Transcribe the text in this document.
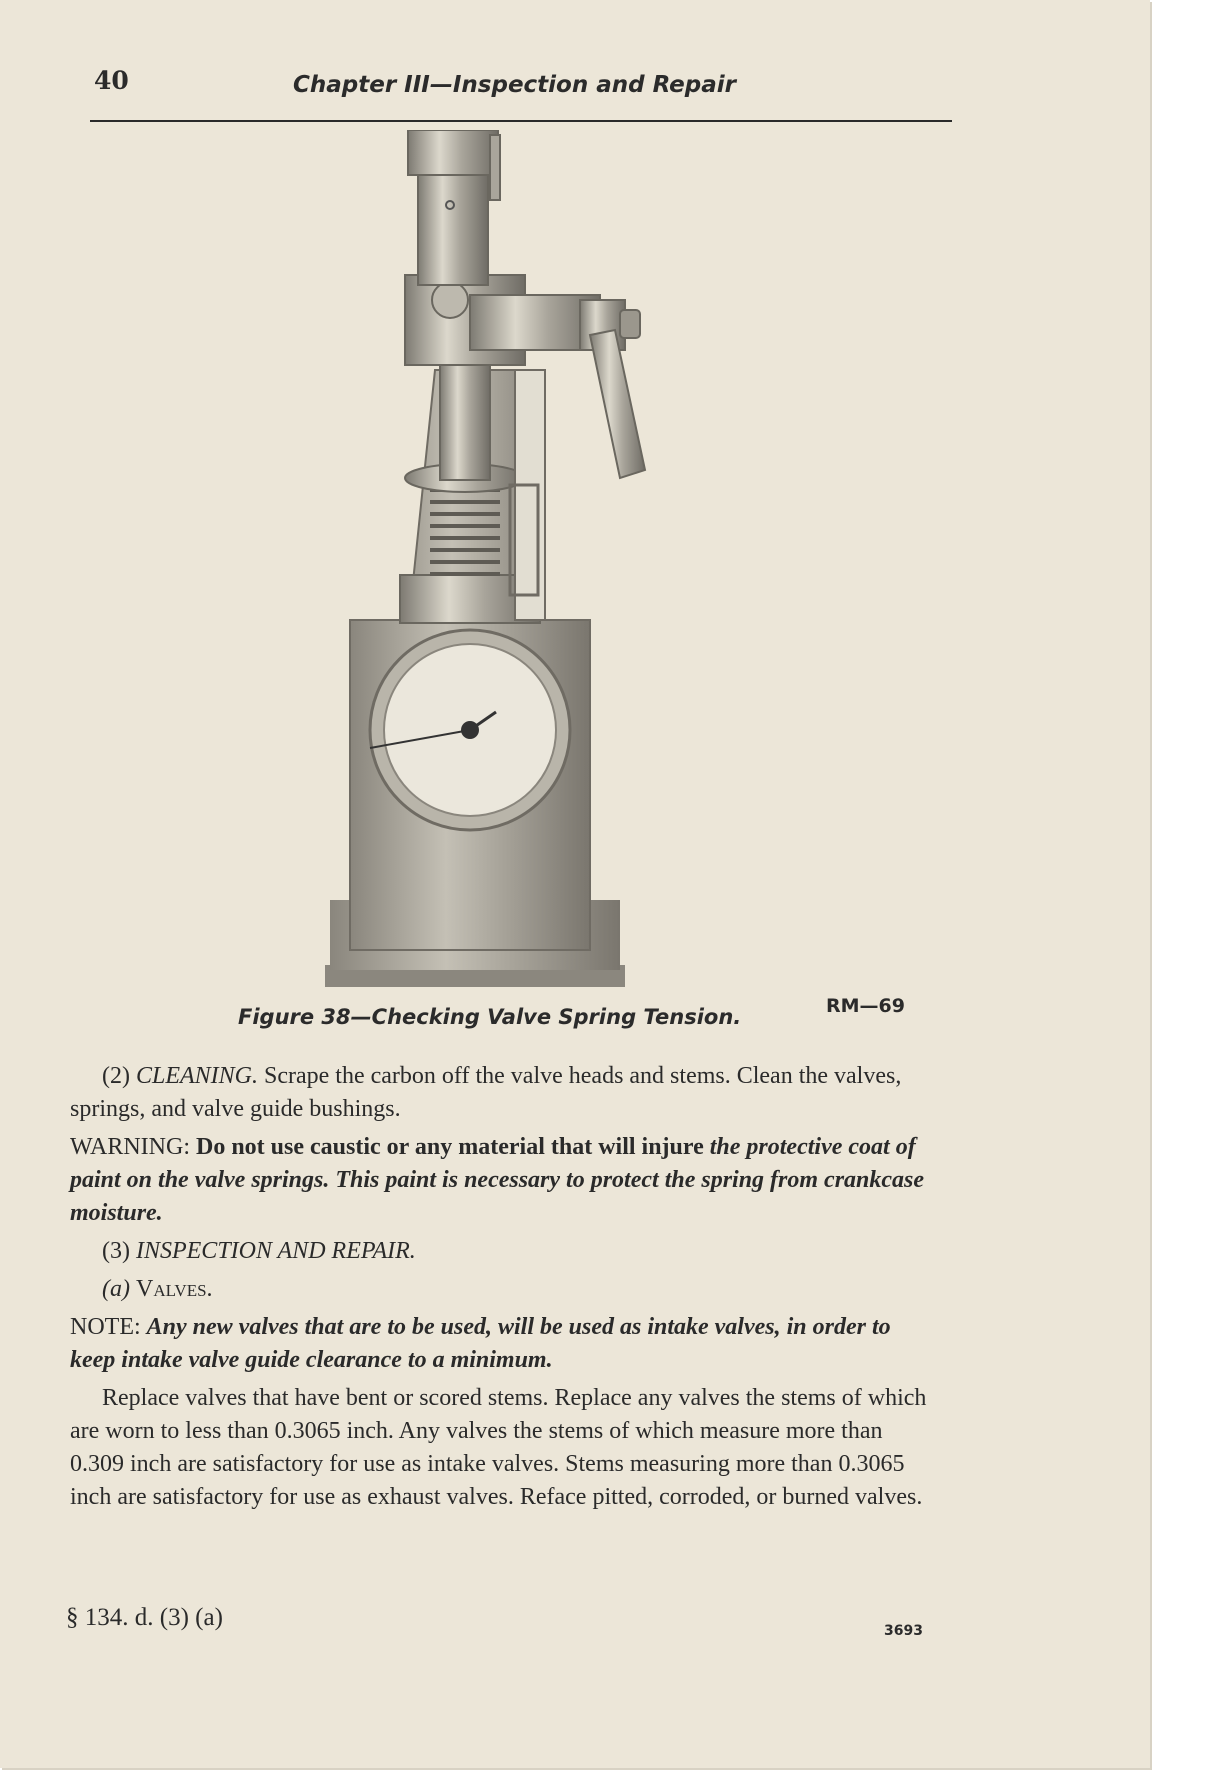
40	Chapter III—Inspection and Repair
Figure 38—Checking Valve Spring Tension.	RM—69

(2) CLEANING. Scrape the carbon off the valve heads and stems. Clean the valves, springs, and valve guide bushings.

WARNING: Do not use caustic or any material that will injure the protective coat of paint on the valve springs. This paint is necessary to protect the spring from crankcase moisture.

(3) INSPECTION AND REPAIR.

(a) Valves.

NOTE: Any new valves that are to be used, will be used as intake valves, in order to keep intake valve guide clearance to a minimum.

Replace valves that have bent or scored stems. Replace any valves the stems of which are worn to less than 0.3065 inch. Any valves the stems of which measure more than 0.309 inch are satisfactory for use as intake valves. Stems measuring more than 0.3065 inch are satisfactory for use as exhaust valves. Reface pitted, corroded, or burned valves.

§ 134. d. (3) (a)	3693
